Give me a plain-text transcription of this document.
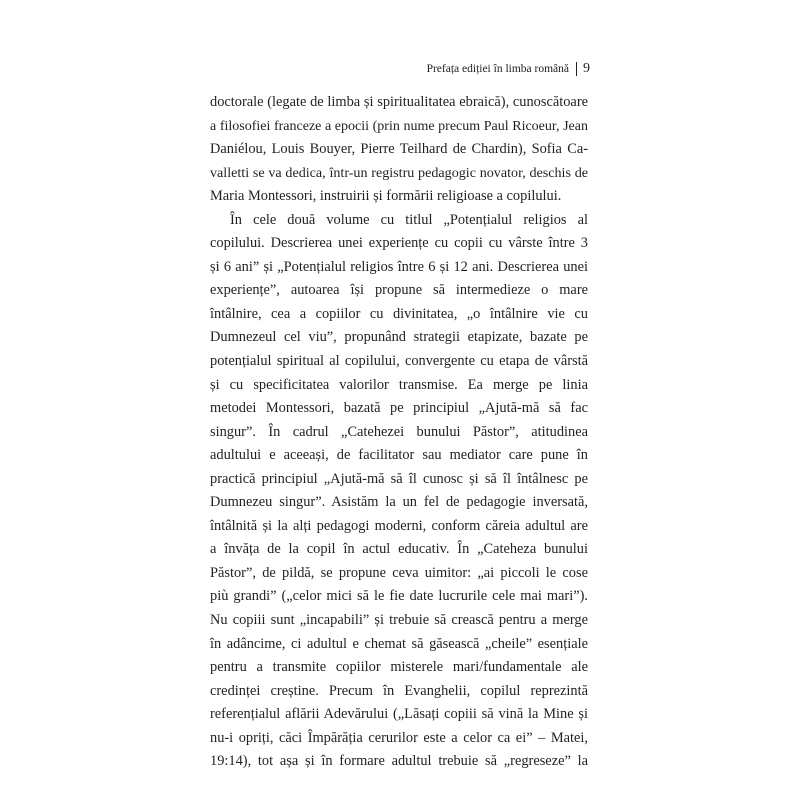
Prefața ediției în limba română 9
doctorale (legate de limba și spiritualitatea ebraică), cunoscătoare
a filosofiei franceze a epocii (prin nume precum Paul Ricoeur, Jean
Daniélou, Louis Bouyer, Pierre Teilhard de Chardin), Sofia Ca-
valletti se va dedica, într-un registru pedagogic novator, deschis de
Maria Montessori, instruirii și formării religioase a copilului.
În cele două volume cu titlul „Potențialul religios al
copilului. Descrierea unei experiențe cu copii cu vârste între 3
și 6 ani” și „Potențialul religios între 6 și 12 ani. Descrierea unei
experiențe”, autoarea își propune să intermedieze o mare
întâlnire, cea a copiilor cu divinitatea, „o întâlnire vie cu
Dumnezeul cel viu”, propunând strategii etapizate, bazate pe
potențialul spiritual al copilului, convergente cu etapa de vârstă
și cu specificitatea valorilor transmise. Ea merge pe linia
metodei Montessori, bazată pe principiul „Ajută-mă să fac
singur”. În cadrul „Catehezei bunului Păstor”, atitudinea
adultului e aceeași, de facilitator sau mediator care pune în
practică principiul „Ajută-mă să îl cunosc și să îl întâlnesc pe
Dumnezeu singur”. Asistăm la un fel de pedagogie inversată,
întâlnită și la alți pedagogi moderni, conform căreia adultul are
a învăța de la copil în actul educativ. În „Cateheza bunului
Păstor”, de pildă, se propune ceva uimitor: „ai piccoli le cose
più grandi” („celor mici să le fie date lucrurile cele mai mari”).
Nu copiii sunt „incapabili” și trebuie să crească pentru a merge
în adâncime, ci adultul e chemat să găsească „cheile” esențiale
pentru a transmite copiilor misterele mari/fundamentale ale
credinței creștine. Precum în Evanghelii, copilul reprezintă
referențialul aflării Adevărului („Lăsați copiii să vină la Mine și
nu-i opriți, căci Împărăția cerurilor este a celor ca ei” – Matei,
19:14), tot așa și în formare adultul trebuie să „regreseze” la
